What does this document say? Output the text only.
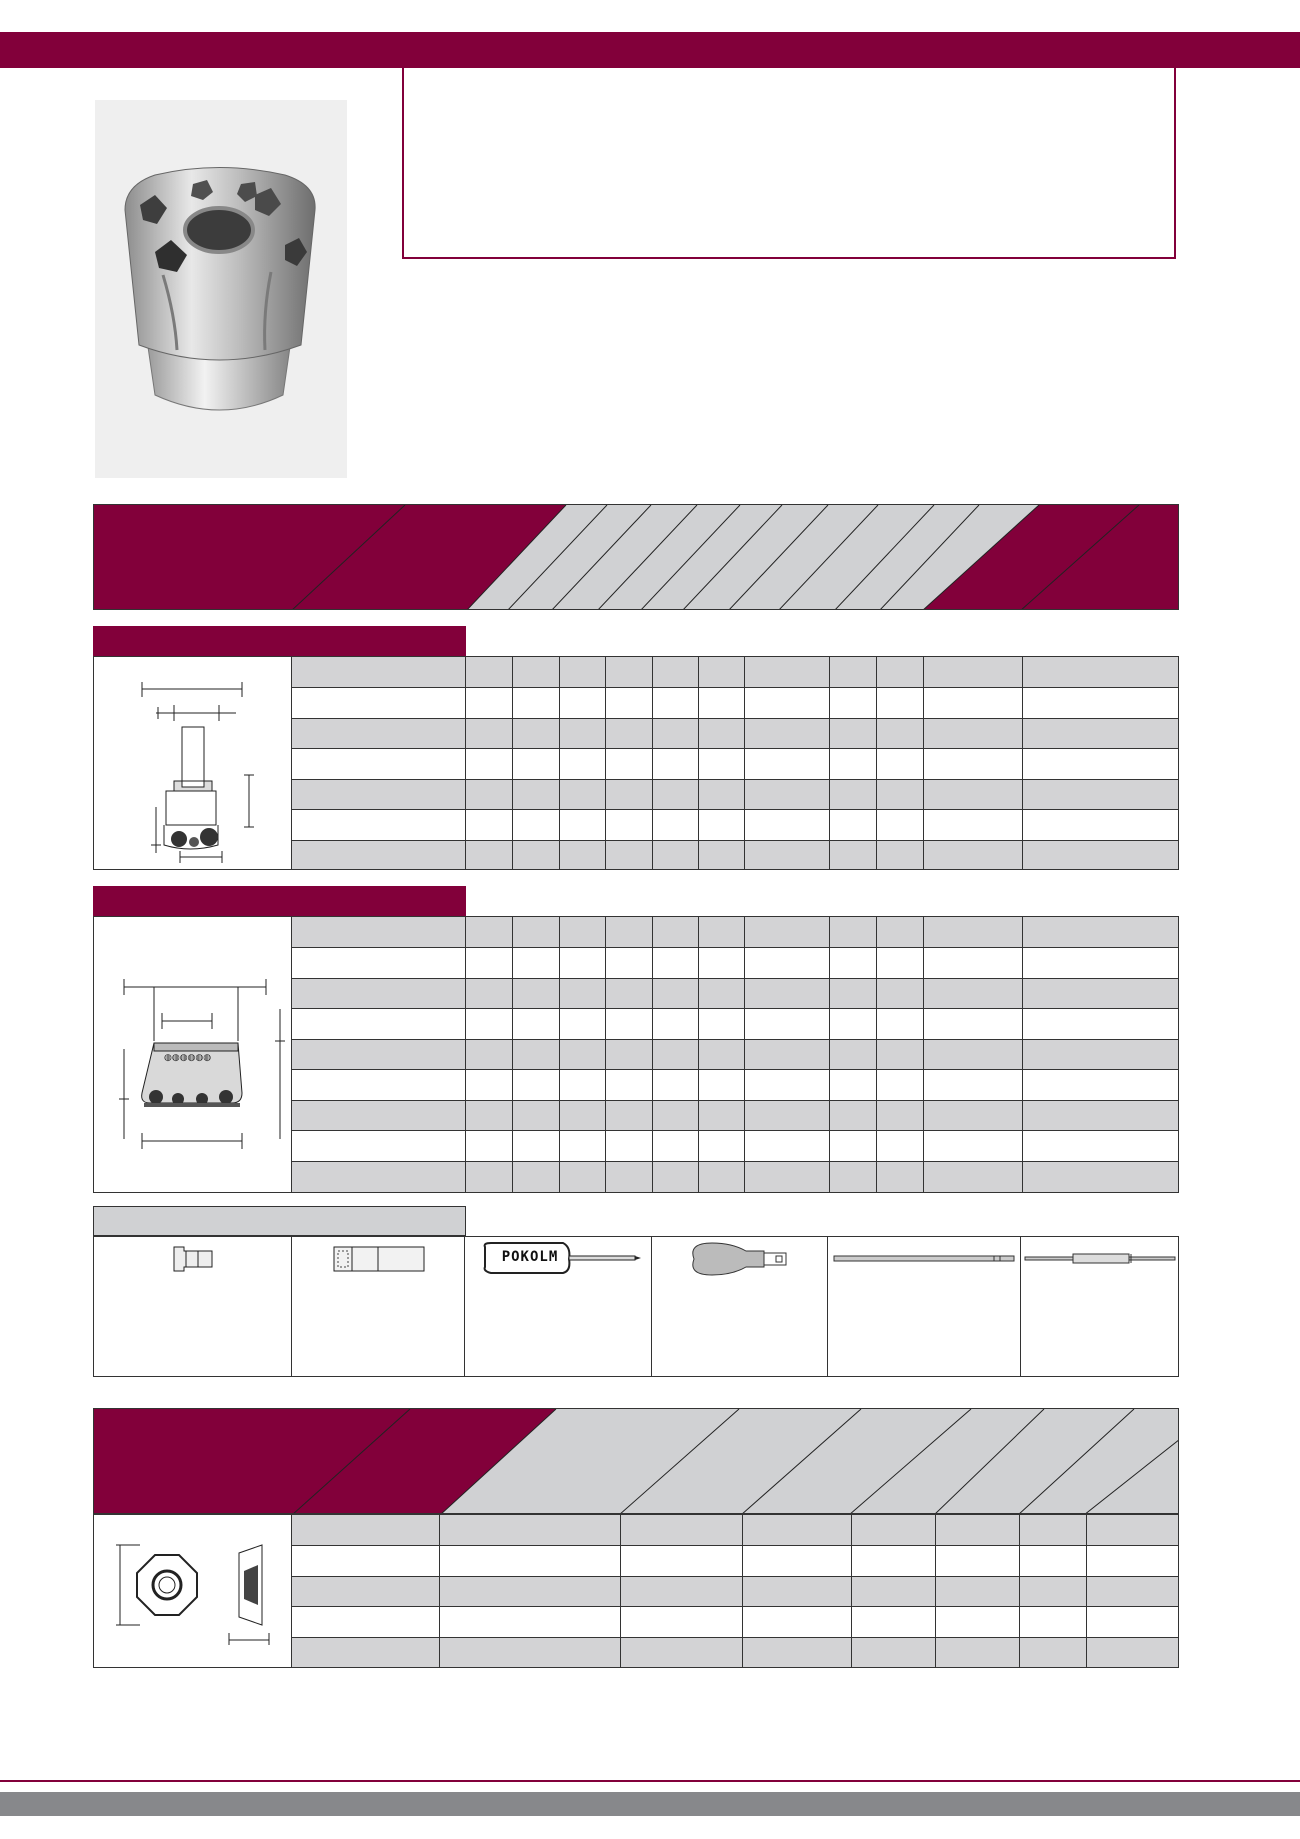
◍◍◍◍◍◍

POKOLM
